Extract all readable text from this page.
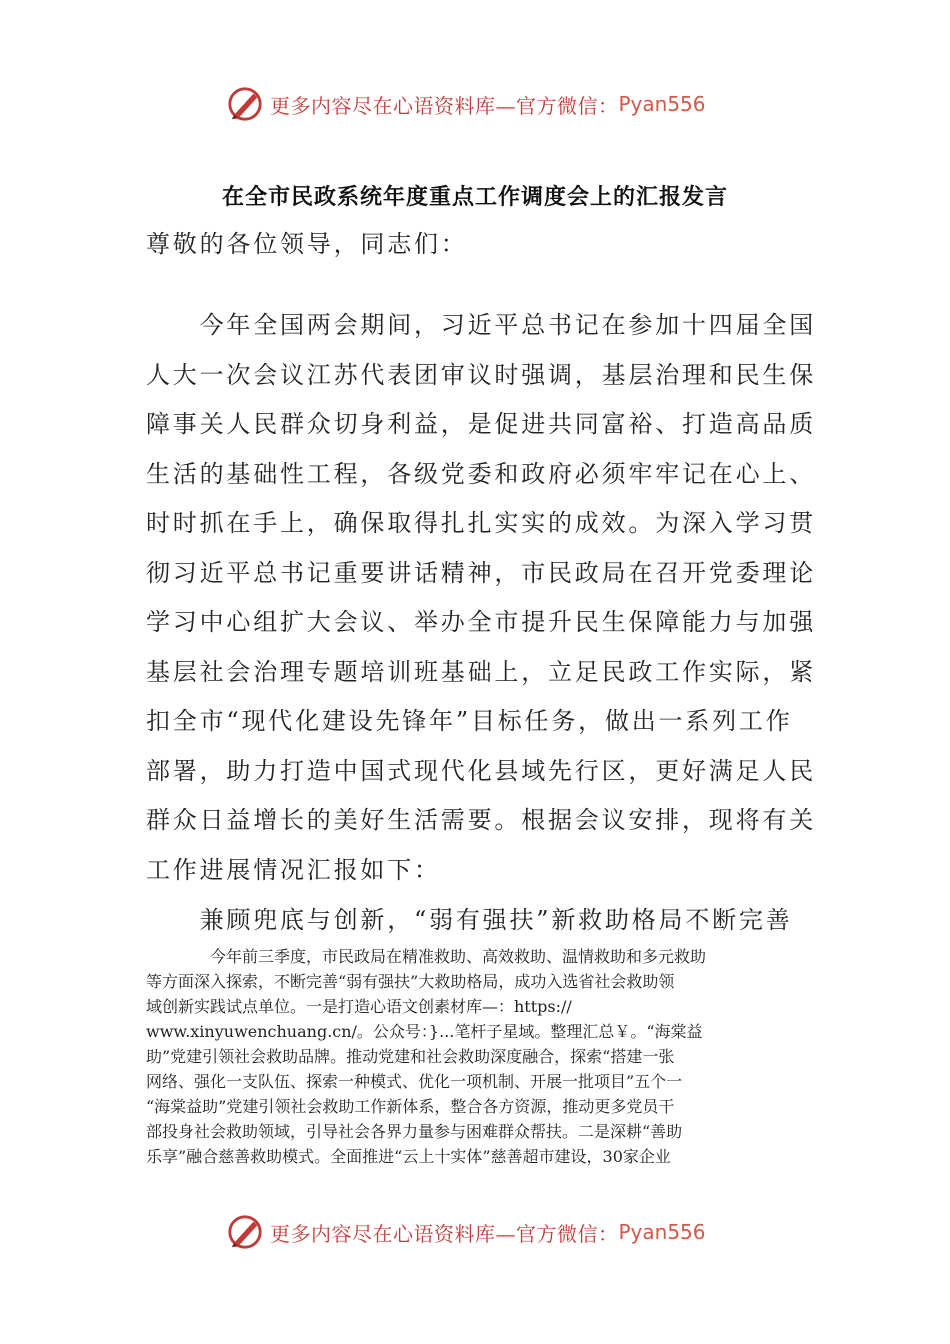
更多内容尽在心语资料库—官方微信： Pyan556
在全市民政系统年度重点工作调度会上的汇报发言
尊敬的各位领导，同志们：
　　今年全国两会期间，习近平总书记在参加十四届全国
人大一次会议江苏代表团审议时强调，基层治理和民生保
障事关人民群众切身利益，是促进共同富裕、打造高品质
生活的基础性工程，各级党委和政府必须牢牢记在心上、
时时抓在手上，确保取得扎扎实实的成效。为深入学习贯
彻习近平总书记重要讲话精神，市民政局在召开党委理论
学习中心组扩大会议、举办全市提升民生保障能力与加强
基层社会治理专题培训班基础上，立足民政工作实际，紧
扣全市“现代化建设先锋年”目标任务，做出一系列工作
部署，助力打造中国式现代化县域先行区，更好满足人民
群众日益增长的美好生活需要。根据会议安排，现将有关
工作进展情况汇报如下：
　　兼顾兜底与创新，“弱有强扶”新救助格局不断完善
　　　　今年前三季度，市民政局在精准救助、高效救助、温情救助和多元救助
等方面深入探索，不断完善“弱有强扶”大救助格局，成功入选省社会救助领
域创新实践试点单位。一是打造心语文创素材库—：https://
www.xinyuwenchuang.cn/。公众号：}...笔杆子星域。整理汇总￥。“海棠益
助”党建引领社会救助品牌。推动党建和社会救助深度融合，探索“搭建一张
网络、强化一支队伍、探索一种模式、优化一项机制、开展一批项目”五个一
“海棠益助”党建引领社会救助工作新体系，整合各方资源，推动更多党员干
部投身社会救助领域，引导社会各界力量参与困难群众帮扶。二是深耕“善助
乐享”融合慈善救助模式。全面推进“云上十实体”慈善超市建设，30家企业
更多内容尽在心语资料库—官方微信： Pyan556
